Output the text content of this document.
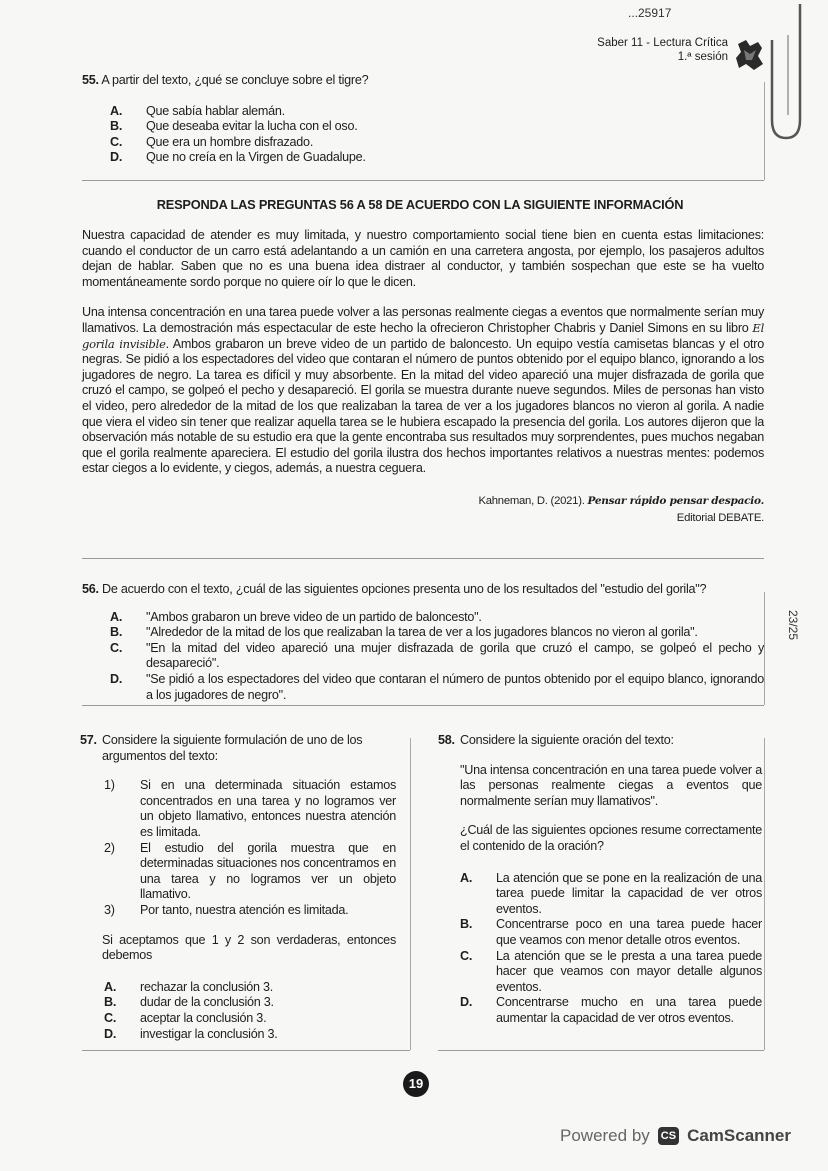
...25917
Saber 11 - Lectura Crítica
1.ª sesión
23/25

55. A partir del texto, ¿qué se concluye sobre el tigre?

A.	Que sabía hablar alemán.
B.	Que deseaba evitar la lucha con el oso.
C.	Que era un hombre disfrazado.
D.	Que no creía en la Virgen de Guadalupe.
RESPONDA LAS PREGUNTAS 56 A 58 DE ACUERDO CON LA SIGUIENTE INFORMACIÓN

Nuestra capacidad de atender es muy limitada, y nuestro comportamiento social tiene bien en cuenta estas limitaciones: cuando el conductor de un carro está adelantando a un camión en una carretera angosta, por ejemplo, los pasajeros adultos dejan de hablar. Saben que no es una buena idea distraer al conductor, y también sospechan que este se ha vuelto momentáneamente sordo porque no quiere oír lo que le dicen.

Una intensa concentración en una tarea puede volver a las personas realmente ciegas a eventos que normalmente serían muy llamativos. La demostración más espectacular de este hecho la ofrecieron Christopher Chabris y Daniel Simons en su libro El gorila invisible. Ambos grabaron un breve video de un partido de baloncesto. Un equipo vestía camisetas blancas y el otro negras. Se pidió a los espectadores del video que contaran el número de puntos obtenido por el equipo blanco, ignorando a los jugadores de negro. La tarea es difícil y muy absorbente. En la mitad del video apareció una mujer disfrazada de gorila que cruzó el campo, se golpeó el pecho y desapareció. El gorila se muestra durante nueve segundos. Miles de personas han visto el video, pero alrededor de la mitad de los que realizaban la tarea de ver a los jugadores blancos no vieron al gorila. A nadie que viera el video sin tener que realizar aquella tarea se le hubiera escapado la presencia del gorila. Los autores dijeron que la observación más notable de su estudio era que la gente encontraba sus resultados muy sorprendentes, pues muchos negaban que el gorila realmente apareciera. El estudio del gorila ilustra dos hechos importantes relativos a nuestras mentes: podemos estar ciegos a lo evidente, y ciegos, además, a nuestra ceguera.

Kahneman, D. (2021). Pensar rápido pensar despacio.
Editorial DEBATE.

56. De acuerdo con el texto, ¿cuál de las siguientes opciones presenta uno de los resultados del "estudio del gorila"?

A.	"Ambos grabaron un breve video de un partido de baloncesto".
B.	"Alrededor de la mitad de los que realizaban la tarea de ver a los jugadores blancos no vieron al gorila".
C.	"En la mitad del video apareció una mujer disfrazada de gorila que cruzó el campo, se golpeó el pecho y desapareció".
D.	"Se pidió a los espectadores del video que contaran el número de puntos obtenido por el equipo blanco, ignorando a los jugadores de negro".
57. Considere la siguiente formulación de uno de los argumentos del texto:
1)	Si en una determinada situación estamos concentrados en una tarea y no logramos ver un objeto llamativo, entonces nuestra atención es limitada.
2)	El estudio del gorila muestra que en determinadas situaciones nos concentramos en una tarea y no logramos ver un objeto llamativo.
3)	Por tanto, nuestra atención es limitada.

Si aceptamos que 1 y 2 son verdaderas, entonces debemos

A.	rechazar la conclusión 3.
B.	dudar de la conclusión 3.
C.	aceptar la conclusión 3.
D.	investigar la conclusión 3.
58. Considere la siguiente oración del texto:

"Una intensa concentración en una tarea puede volver a las personas realmente ciegas a eventos que normalmente serían muy llamativos".

¿Cuál de las siguientes opciones resume correctamente el contenido de la oración?

A.	La atención que se pone en la realización de una tarea puede limitar la capacidad de ver otros eventos.
B.	Concentrarse poco en una tarea puede hacer que veamos con menor detalle otros eventos.
C.	La atención que se le presta a una tarea puede hacer que veamos con mayor detalle algunos eventos.
D.	Concentrarse mucho en una tarea puede aumentar la capacidad de ver otros eventos.
19
Powered by CS CamScanner
